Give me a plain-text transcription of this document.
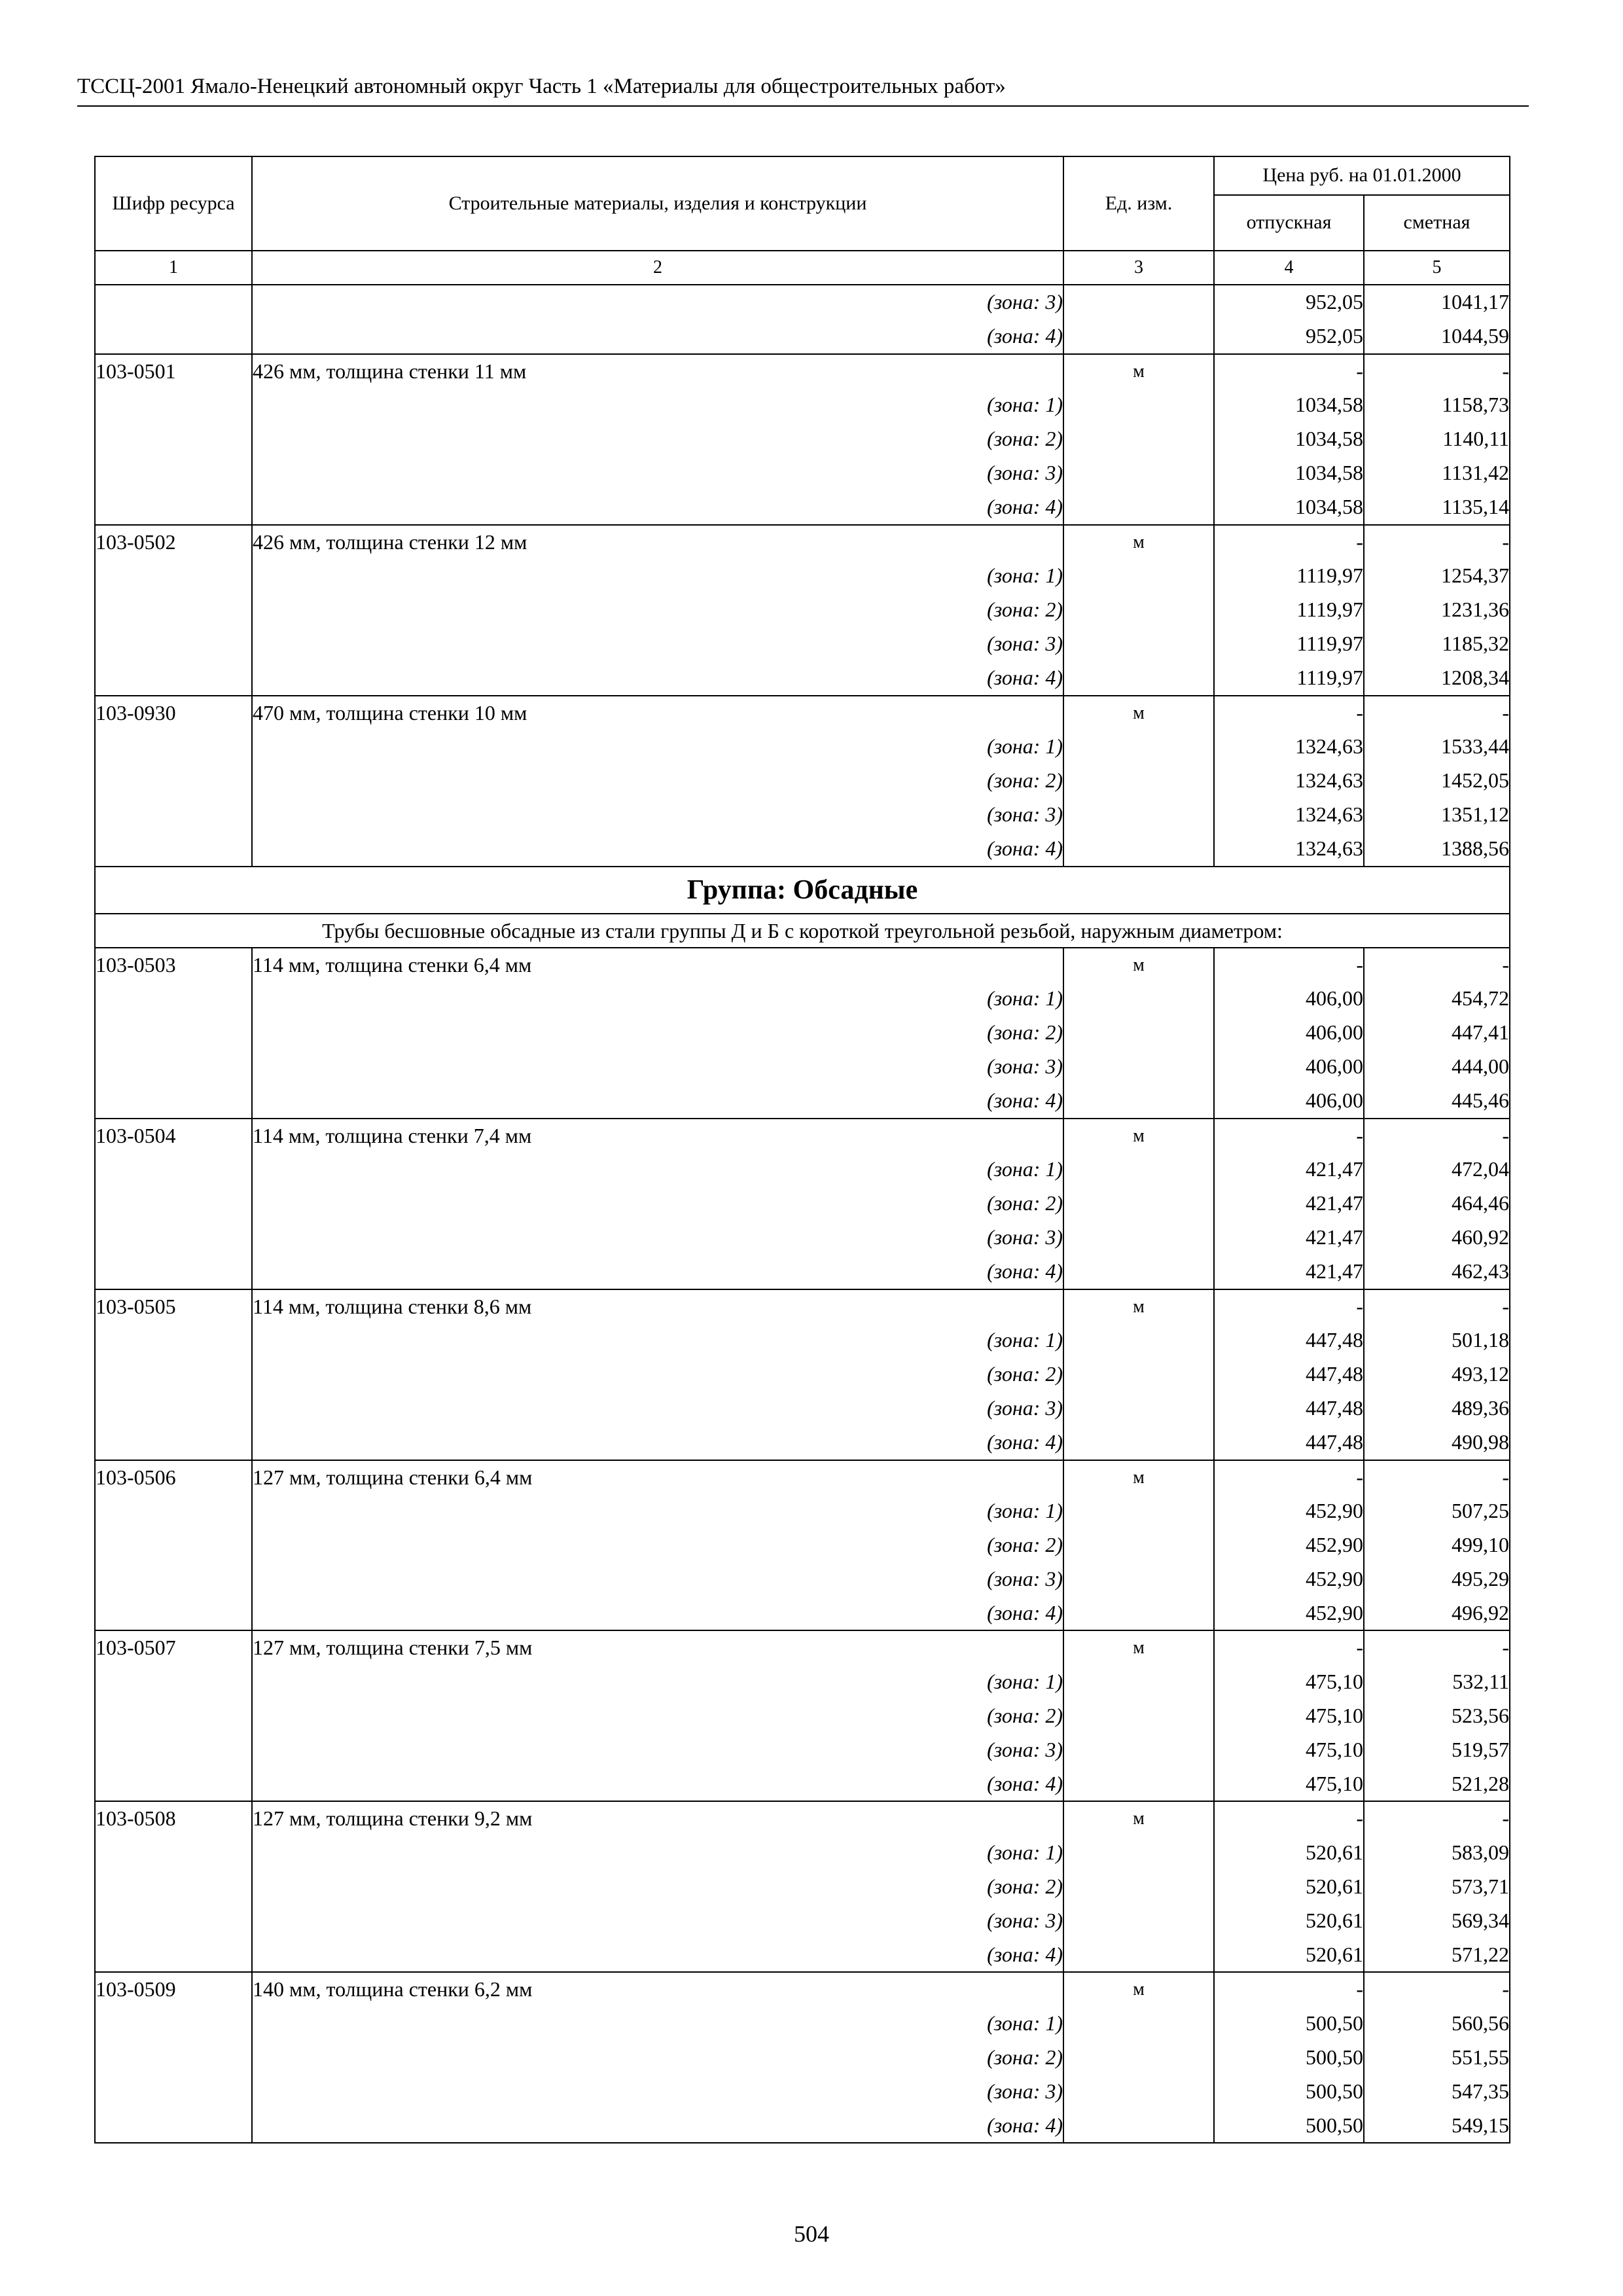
ТССЦ-2001 Ямало-Ненецкий автономный округ Часть 1 «Материалы для общестроительных работ»
Шифр ресурса	Строительные материалы, изделия и конструкции	Ед. изм.	Цена руб. на 01.01.2000	
			отпускная	сметная
1	2	3	4	5
	(зона: 3)		952,05	1041,17
	(зона: 4)		952,05	1044,59
103-0501	426 мм, толщина стенки 11 мм	м	-	-
	(зона: 1)		1034,58	1158,73
	(зона: 2)		1034,58	1140,11
	(зона: 3)		1034,58	1131,42
	(зона: 4)		1034,58	1135,14
103-0502	426 мм, толщина стенки 12 мм	м	-	-
	(зона: 1)		1119,97	1254,37
	(зона: 2)		1119,97	1231,36
	(зона: 3)		1119,97	1185,32
	(зона: 4)		1119,97	1208,34
103-0930	470 мм, толщина стенки 10 мм	м	-	-
	(зона: 1)		1324,63	1533,44
	(зона: 2)		1324,63	1452,05
	(зона: 3)		1324,63	1351,12
	(зона: 4)		1324,63	1388,56
Группа: Обсадные				
Трубы бесшовные обсадные из стали группы Д и Б с короткой треугольной резьбой, наружным диаметром:				
103-0503	114 мм, толщина стенки 6,4 мм	м	-	-
	(зона: 1)		406,00	454,72
	(зона: 2)		406,00	447,41
	(зона: 3)		406,00	444,00
	(зона: 4)		406,00	445,46
103-0504	114 мм, толщина стенки 7,4 мм	м	-	-
	(зона: 1)		421,47	472,04
	(зона: 2)		421,47	464,46
	(зона: 3)		421,47	460,92
	(зона: 4)		421,47	462,43
103-0505	114 мм, толщина стенки 8,6 мм	м	-	-
	(зона: 1)		447,48	501,18
	(зона: 2)		447,48	493,12
	(зона: 3)		447,48	489,36
	(зона: 4)		447,48	490,98
103-0506	127 мм, толщина стенки 6,4 мм	м	-	-
	(зона: 1)		452,90	507,25
	(зона: 2)		452,90	499,10
	(зона: 3)		452,90	495,29
	(зона: 4)		452,90	496,92
103-0507	127 мм, толщина стенки 7,5 мм	м	-	-
	(зона: 1)		475,10	532,11
	(зона: 2)		475,10	523,56
	(зона: 3)		475,10	519,57
	(зона: 4)		475,10	521,28
103-0508	127 мм, толщина стенки 9,2 мм	м	-	-
	(зона: 1)		520,61	583,09
	(зона: 2)		520,61	573,71
	(зона: 3)		520,61	569,34
	(зона: 4)		520,61	571,22
103-0509	140 мм, толщина стенки 6,2 мм	м	-	-
	(зона: 1)		500,50	560,56
	(зона: 2)		500,50	551,55
	(зона: 3)		500,50	547,35
	(зона: 4)		500,50	549,15
504
